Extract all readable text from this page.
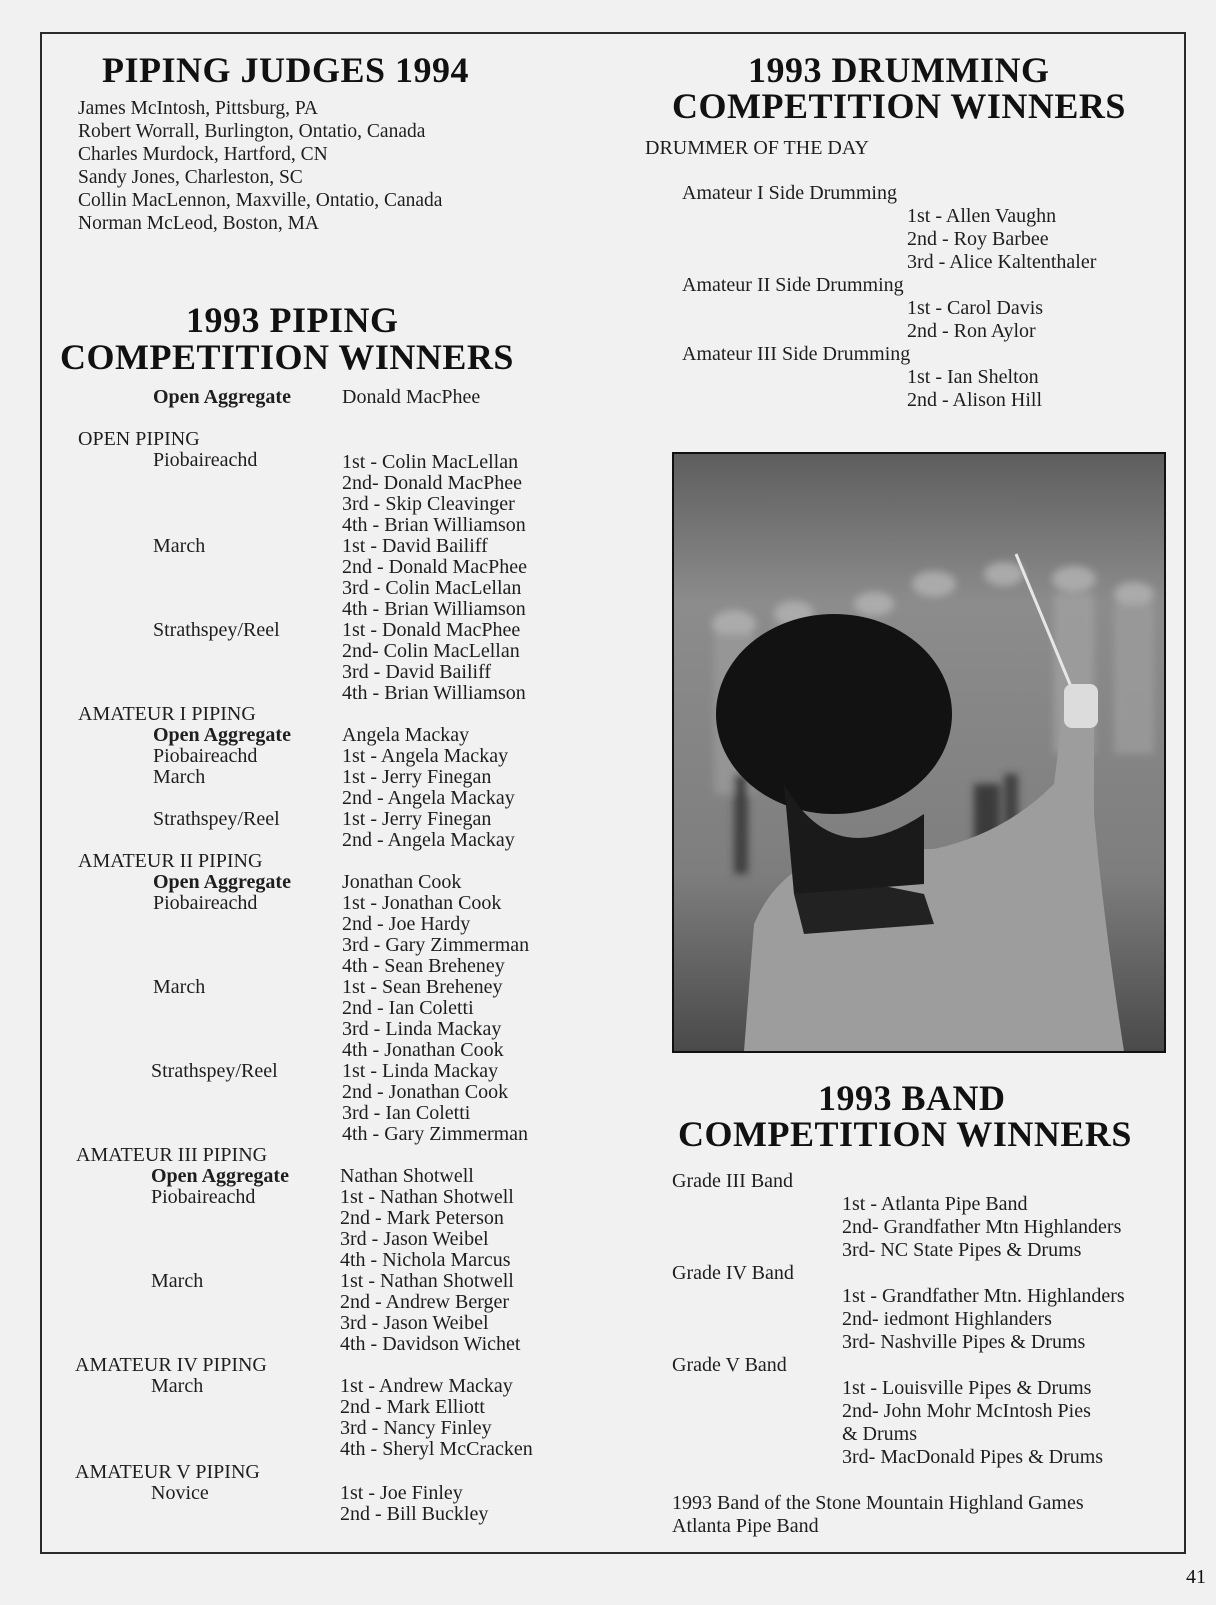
PIPING JUDGES 1994
James McIntosh, Pittsburg, PA
Robert Worrall, Burlington, Ontatio, Canada
Charles Murdock, Hartford, CN
Sandy Jones, Charleston, SC
Collin MacLennon, Maxville, Ontatio, Canada
Norman McLeod, Boston, MA
1993 PIPING
COMPETITION WINNERS
Open Aggregate	Donald MacPhee
OPEN PIPING
Piobaireachd	1st - Colin MacLellan
2nd- Donald MacPhee
3rd - Skip Cleavinger
4th - Brian Williamson
March	1st - David Bailiff
2nd - Donald MacPhee
3rd - Colin MacLellan
4th - Brian Williamson
Strathspey/Reel	1st - Donald MacPhee
2nd- Colin MacLellan
3rd - David Bailiff
4th - Brian Williamson
AMATEUR I PIPING
Open Aggregate	Angela Mackay
Piobaireachd	1st - Angela Mackay
March	1st - Jerry Finegan
2nd - Angela Mackay
Strathspey/Reel	1st - Jerry Finegan
2nd - Angela Mackay
AMATEUR II PIPING
Open Aggregate	Jonathan Cook
Piobaireachd	1st - Jonathan Cook
2nd - Joe Hardy
3rd - Gary Zimmerman
4th - Sean Breheney
March	1st - Sean Breheney
2nd - Ian Coletti
3rd - Linda Mackay
4th - Jonathan Cook
Strathspey/Reel	1st - Linda Mackay
2nd - Jonathan Cook
3rd - Ian Coletti
4th - Gary Zimmerman
AMATEUR III PIPING
Open Aggregate	Nathan Shotwell
Piobaireachd	1st - Nathan Shotwell
2nd - Mark Peterson
3rd - Jason Weibel
4th - Nichola Marcus
March	1st - Nathan Shotwell
2nd - Andrew Berger
3rd - Jason Weibel
4th - Davidson Wichet
AMATEUR IV PIPING
March	1st - Andrew Mackay
2nd - Mark Elliott
3rd - Nancy Finley
4th - Sheryl McCracken
AMATEUR V PIPING
Novice	1st - Joe Finley
2nd - Bill Buckley
1993 DRUMMING
COMPETITION WINNERS
DRUMMER OF THE DAY
Amateur I Side Drumming
1st - Allen Vaughn
2nd - Roy Barbee
3rd - Alice Kaltenthaler
Amateur II Side Drumming
1st - Carol Davis
2nd - Ron Aylor
Amateur III Side Drumming
1st - Ian Shelton
2nd - Alison Hill
1993 BAND
COMPETITION WINNERS
Grade III Band
1st - Atlanta Pipe Band
2nd- Grandfather Mtn Highlanders
3rd- NC State Pipes & Drums
Grade IV Band
1st - Grandfather Mtn. Highlanders
2nd- iedmont Highlanders
3rd- Nashville Pipes & Drums
Grade V Band
1st - Louisville Pipes & Drums
2nd- John Mohr McIntosh Pies
& Drums
3rd- MacDonald Pipes & Drums
1993 Band of the Stone Mountain Highland Games
Atlanta Pipe Band
41
